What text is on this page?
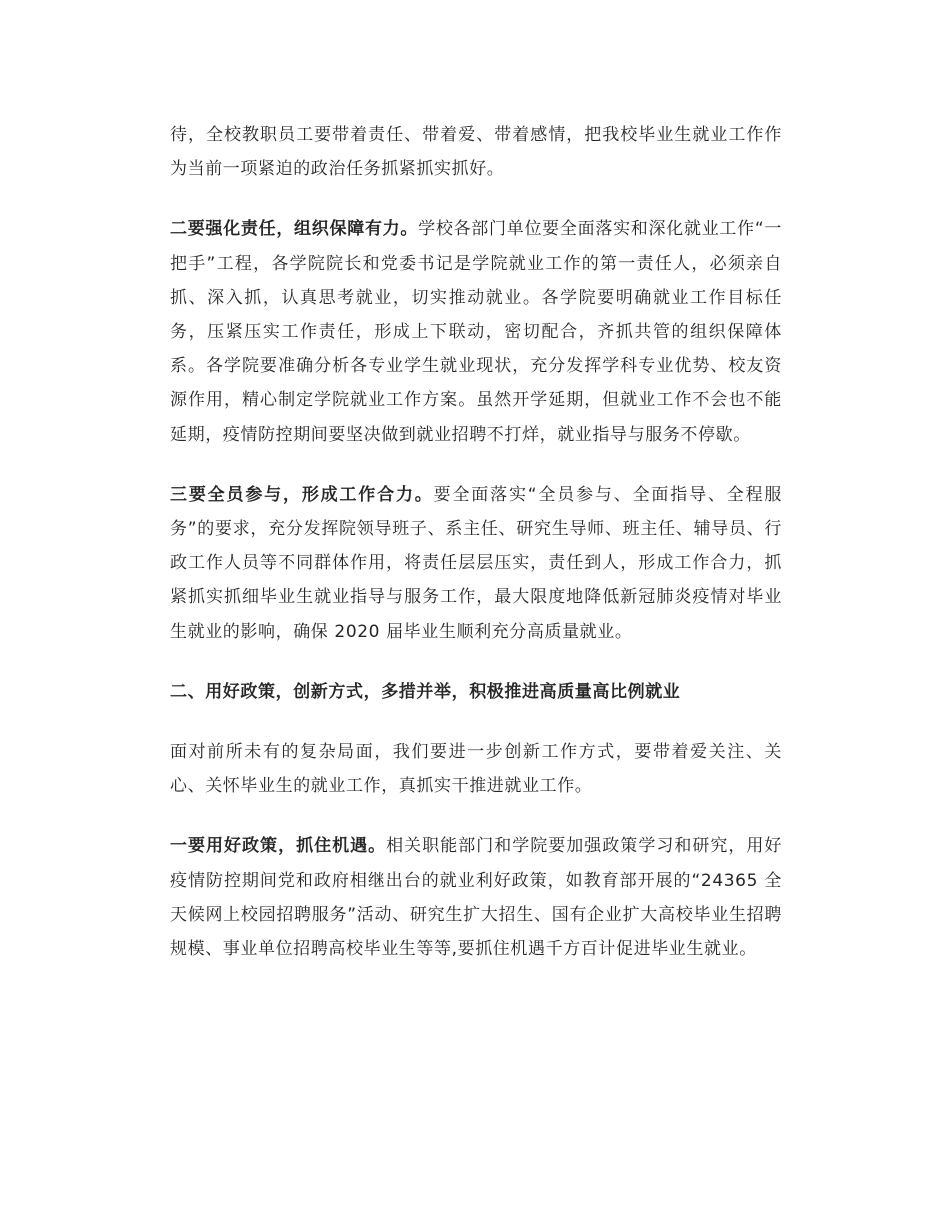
待，全校教职员工要带着责任、带着爱、带着感情，把我校毕业生就业工作作为当前一项紧迫的政治任务抓紧抓实抓好。

二要强化责任，组织保障有力。学校各部门单位要全面落实和深化就业工作“一把手”工程，各学院院长和党委书记是学院就业工作的第一责任人，必须亲自抓、深入抓，认真思考就业，切实推动就业。各学院要明确就业工作目标任务，压紧压实工作责任，形成上下联动，密切配合，齐抓共管的组织保障体系。各学院要准确分析各专业学生就业现状，充分发挥学科专业优势、校友资源作用，精心制定学院就业工作方案。虽然开学延期，但就业工作不会也不能延期，疫情防控期间要坚决做到就业招聘不打烊，就业指导与服务不停歇。

三要全员参与，形成工作合力。要全面落实“全员参与、全面指导、全程服务”的要求，充分发挥院领导班子、系主任、研究生导师、班主任、辅导员、行政工作人员等不同群体作用，将责任层层压实，责任到人，形成工作合力，抓紧抓实抓细毕业生就业指导与服务工作，最大限度地降低新冠肺炎疫情对毕业生就业的影响，确保 2020 届毕业生顺利充分高质量就业。

二、用好政策，创新方式，多措并举，积极推进高质量高比例就业

面对前所未有的复杂局面，我们要进一步创新工作方式，要带着爱关注、关心、关怀毕业生的就业工作，真抓实干推进就业工作。

一要用好政策，抓住机遇。相关职能部门和学院要加强政策学习和研究，用好疫情防控期间党和政府相继出台的就业利好政策，如教育部开展的“24365 全天候网上校园招聘服务”活动、研究生扩大招生、国有企业扩大高校毕业生招聘规模、事业单位招聘高校毕业生等等,要抓住机遇千方百计促进毕业生就业。
